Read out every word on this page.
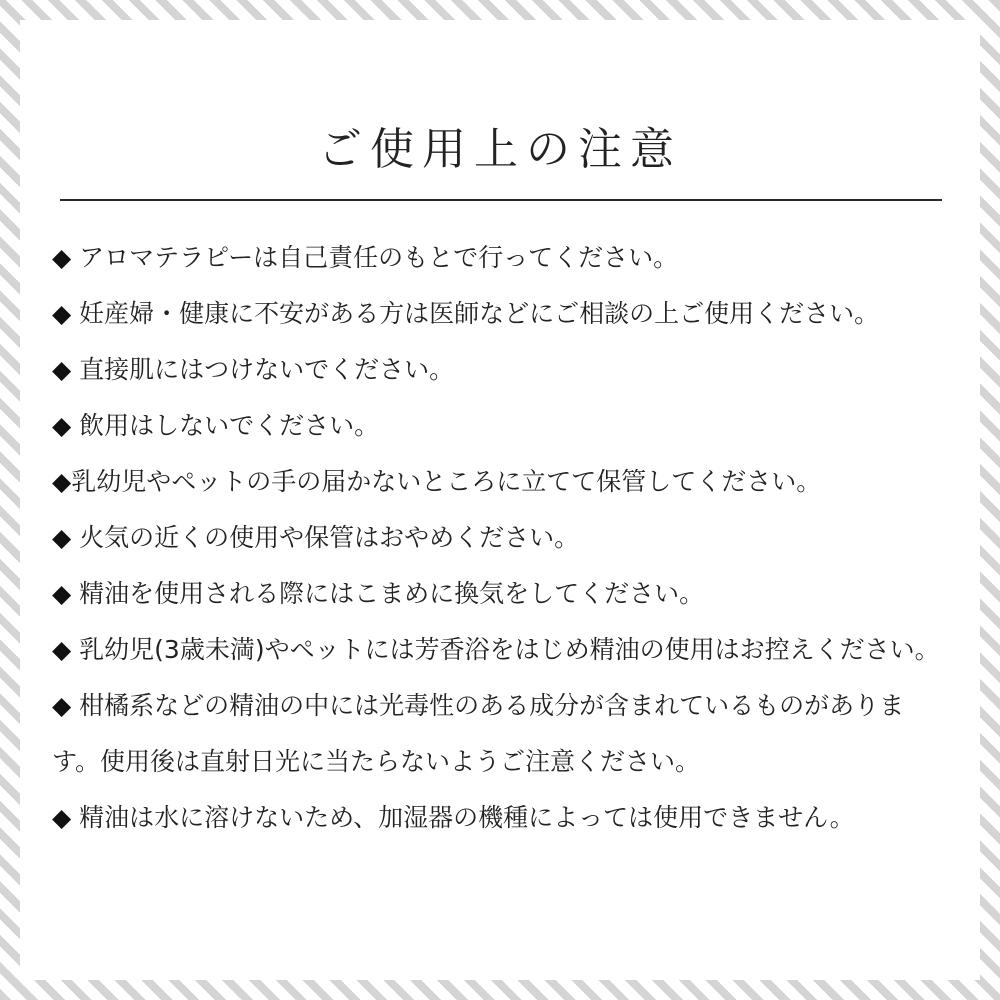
ご使用上の注意
◆ アロマテラピーは自己責任のもとで行ってください。
◆ 妊産婦・健康に不安がある方は医師などにご相談の上ご使用ください。
◆ 直接肌にはつけないでください。
◆ 飲用はしないでください。
◆乳幼児やペットの手の届かないところに立てて保管してください。
◆ 火気の近くの使用や保管はおやめください。
◆ 精油を使用される際にはこまめに換気をしてください。
◆ 乳幼児(3歳未満)やペットには芳香浴をはじめ精油の使用はお控えください。
◆ 柑橘系などの精油の中には光毒性のある成分が含まれているものがあります。使用後は直射日光に当たらないようご注意ください。
◆ 精油は水に溶けないため、加湿器の機種によっては使用できません。
